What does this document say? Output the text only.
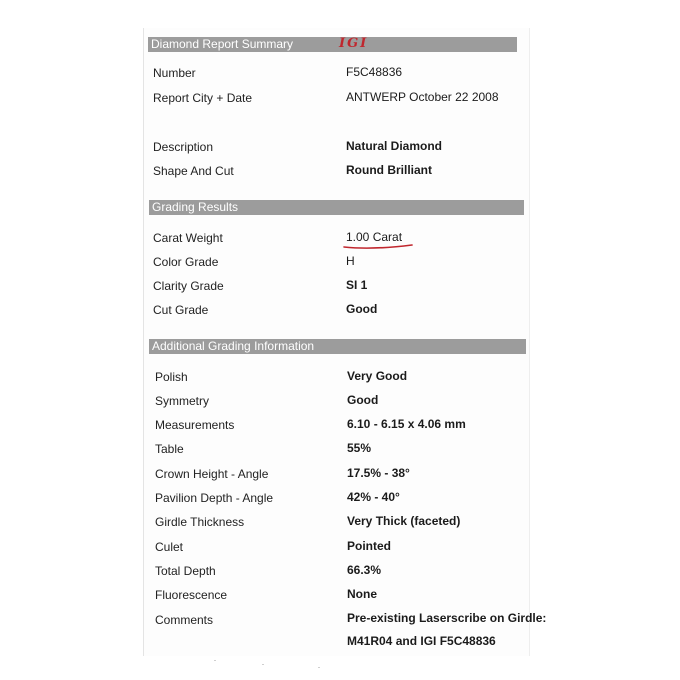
Diamond Report Summary	IGI
Number	F5C48836
Report City + Date	ANTWERP October 22 2008
Description	Natural Diamond
Shape And Cut	Round Brilliant
Grading Results
Carat Weight	1.00 Carat
Color Grade	H
Clarity Grade	SI 1
Cut Grade	Good
Additional Grading Information
Polish	Very Good
Symmetry	Good
Measurements	6.10 - 6.15 x 4.06 mm
Table	55%
Crown Height - Angle	17.5% - 38°
Pavilion Depth - Angle	42% - 40°
Girdle Thickness	Very Thick (faceted)
Culet	Pointed
Total Depth	66.3%
Fluorescence	None
Comments	Pre-existing Laserscribe on Girdle:
M41R04 and IGI F5C48836
